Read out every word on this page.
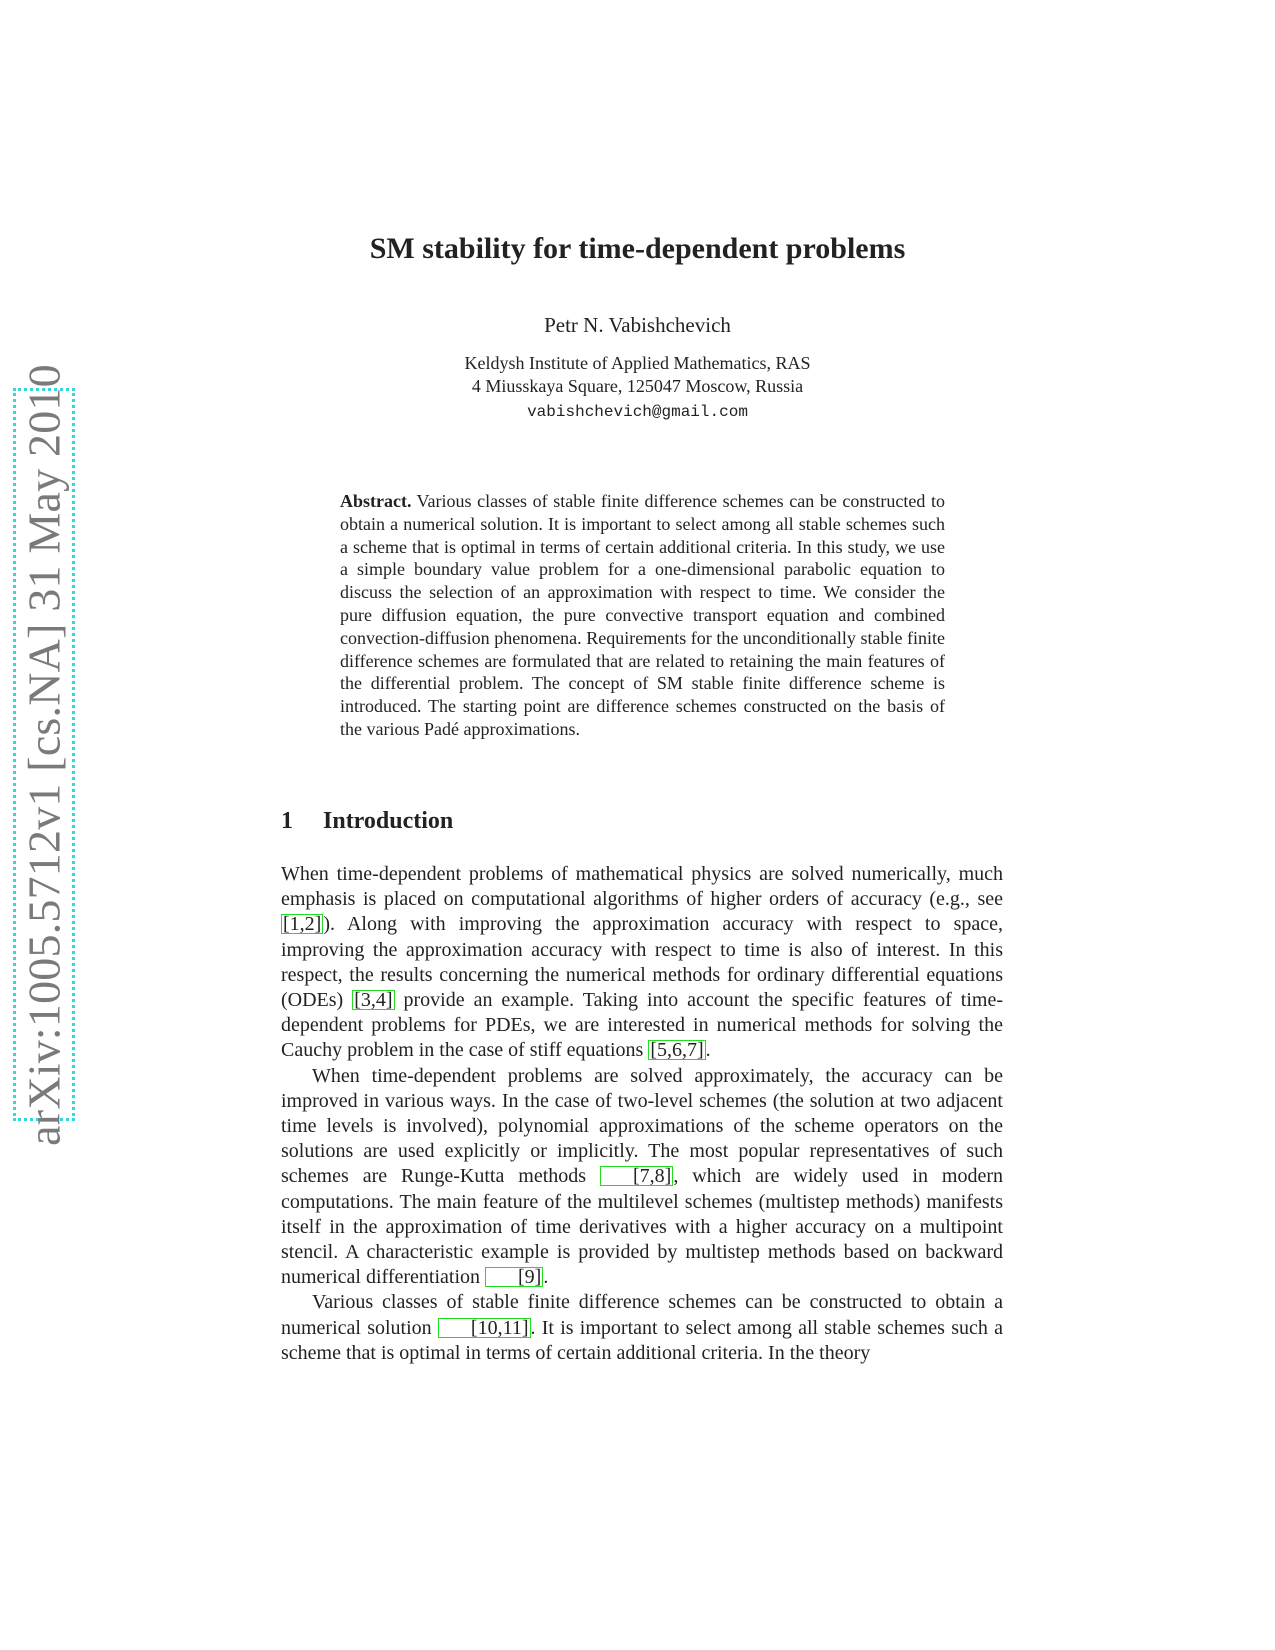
arXiv:1005.5712v1 [cs.NA] 31 May 2010
SM stability for time-dependent problems
Petr N. Vabishchevich
Keldysh Institute of Applied Mathematics, RAS
4 Miusskaya Square, 125047 Moscow, Russia
vabishchevich@gmail.com

Abstract. Various classes of stable finite difference schemes can be constructed to obtain a numerical solution. It is important to select among all stable schemes such a scheme that is optimal in terms of certain additional criteria. In this study, we use a simple boundary value problem for a one-dimensional parabolic equation to discuss the selection of an approximation with respect to time. We consider the pure diffusion equation, the pure convective transport equation and combined convection-diffusion phenomena. Requirements for the unconditionally stable finite difference schemes are formulated that are related to retaining the main features of the differential problem. The concept of SM stable finite difference scheme is introduced. The starting point are difference schemes constructed on the basis of the various Padé approximations.

1 Introduction

When time-dependent problems of mathematical physics are solved numerically, much emphasis is placed on computational algorithms of higher orders of accuracy (e.g., see [1,2] ). Along with improving the approximation accuracy with respect to space, improving the approximation accuracy with respect to time is also of interest. In this respect, the results concerning the numerical methods for ordinary differential equations (ODEs) [3,4] provide an example. Taking into account the specific features of time-dependent problems for PDEs, we are interested in numerical methods for solving the Cauchy problem in the case of stiff equations [5,6,7] .

When time-dependent problems are solved approximately, the accuracy can be improved in various ways. In the case of two-level schemes (the solution at two adjacent time levels is involved), polynomial approximations of the scheme operators on the solutions are used explicitly or implicitly. The most popular representatives of such schemes are Runge-Kutta methods [7,8] , which are widely used in modern computations. The main feature of the multilevel schemes (multistep methods) manifests itself in the approximation of time derivatives with a higher accuracy on a multipoint stencil. A characteristic example is provided by multistep methods based on backward numerical differentiation [9] .

Various classes of stable finite difference schemes can be constructed to obtain a numerical solution [10,11] . It is important to select among all stable schemes such a scheme that is optimal in terms of certain additional criteria. In the theory
